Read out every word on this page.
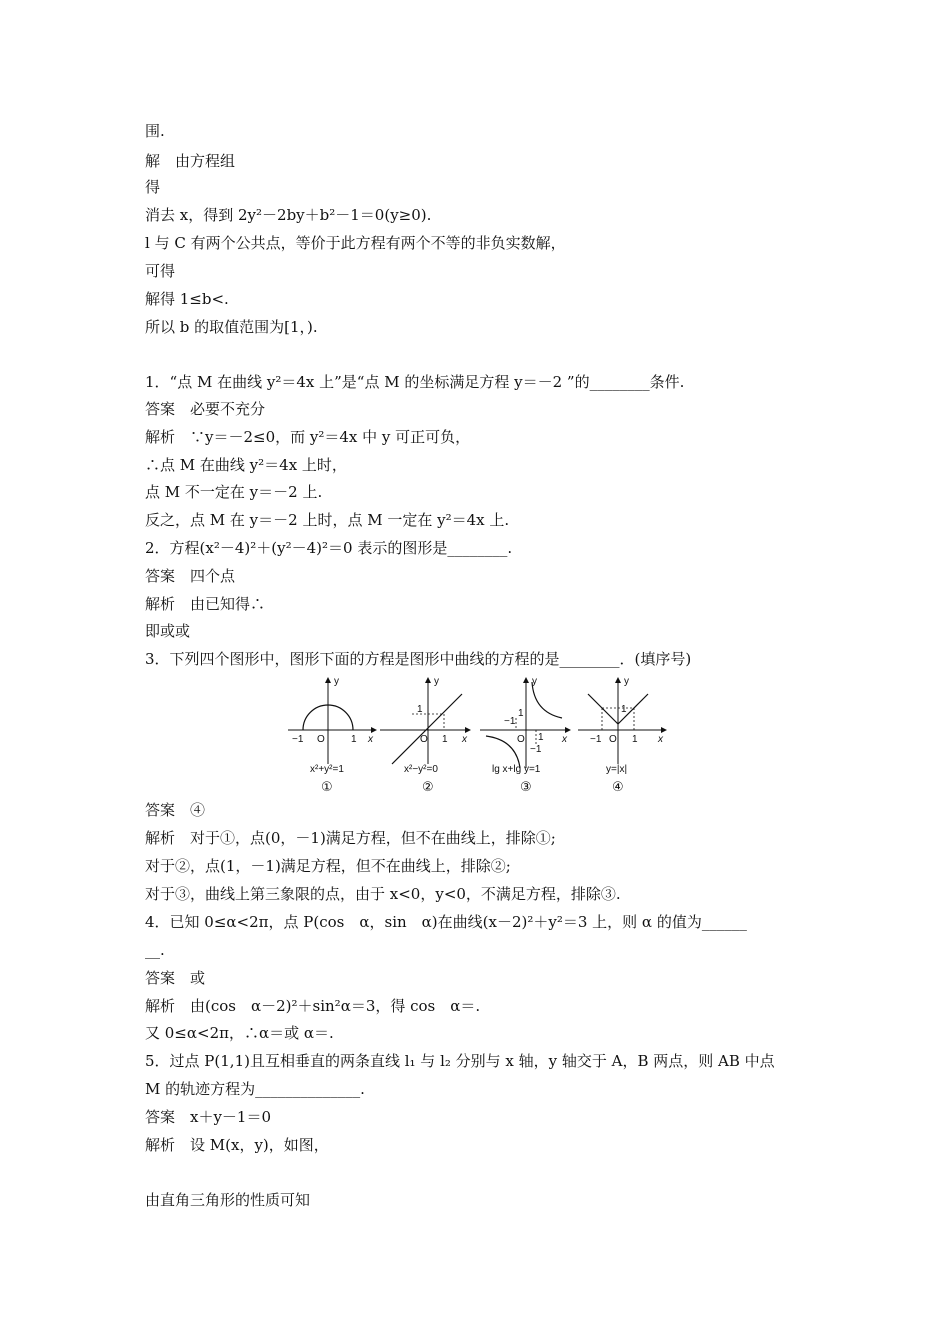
围.
解　由方程组
得
消去 x，得到 2y²－2by＋b²－1＝0(y≥0).
l 与 C 有两个公共点，等价于此方程有两个不等的非负实数解，
可得
解得 1≤b<.
所以 b 的取值范围为[1，).
1．“点 M 在曲线 y²＝4x 上”是“点 M 的坐标满足方程 y＝－2 ”的________条件.
答案　必要不充分
解析　∵y＝－2≤0，而 y²＝4x 中 y 可正可负，
∴点 M 在曲线 y²＝4x 上时，
点 M 不一定在 y＝－2 上.
反之，点 M 在 y＝－2 上时，点 M 一定在 y²＝4x 上.
2．方程(x²－4)²＋(y²－4)²＝0 表示的图形是________.
答案　四个点
解析　由已知得∴
即或或
3．下列四个图形中，图形下面的方程是图形中曲线的方程的是________．(填序号)
y
−1 O	1 x
x²+y²=1
①
y
1
O 1 x
x²−y²=0
②
y
−1
1
O 1
−1
x
lg x+lg y=1
③
y
−1 O 1
1
x
y=|x|
④
答案　④
解析　对于①，点(0，－1)满足方程，但不在曲线上，排除①;
对于②，点(1，－1)满足方程，但不在曲线上，排除②;
对于③，曲线上第三象限的点，由于 x<0，y<0，不满足方程，排除③.
4．已知 0≤α<2π，点 P(cos　α，sin　α)在曲线(x－2)²＋y²＝3 上，则 α 的值为______
__.
答案　或
解析　由(cos　α－2)²＋sin²α＝3，得 cos　α＝.
又 0≤α<2π，∴α＝或 α＝.
5．过点 P(1,1)且互相垂直的两条直线 l₁ 与 l₂ 分别与 x 轴，y 轴交于 A，B 两点，则 AB 中点
M 的轨迹方程为______________.
答案　x＋y－1＝0
解析　设 M(x，y)，如图，
由直角三角形的性质可知
